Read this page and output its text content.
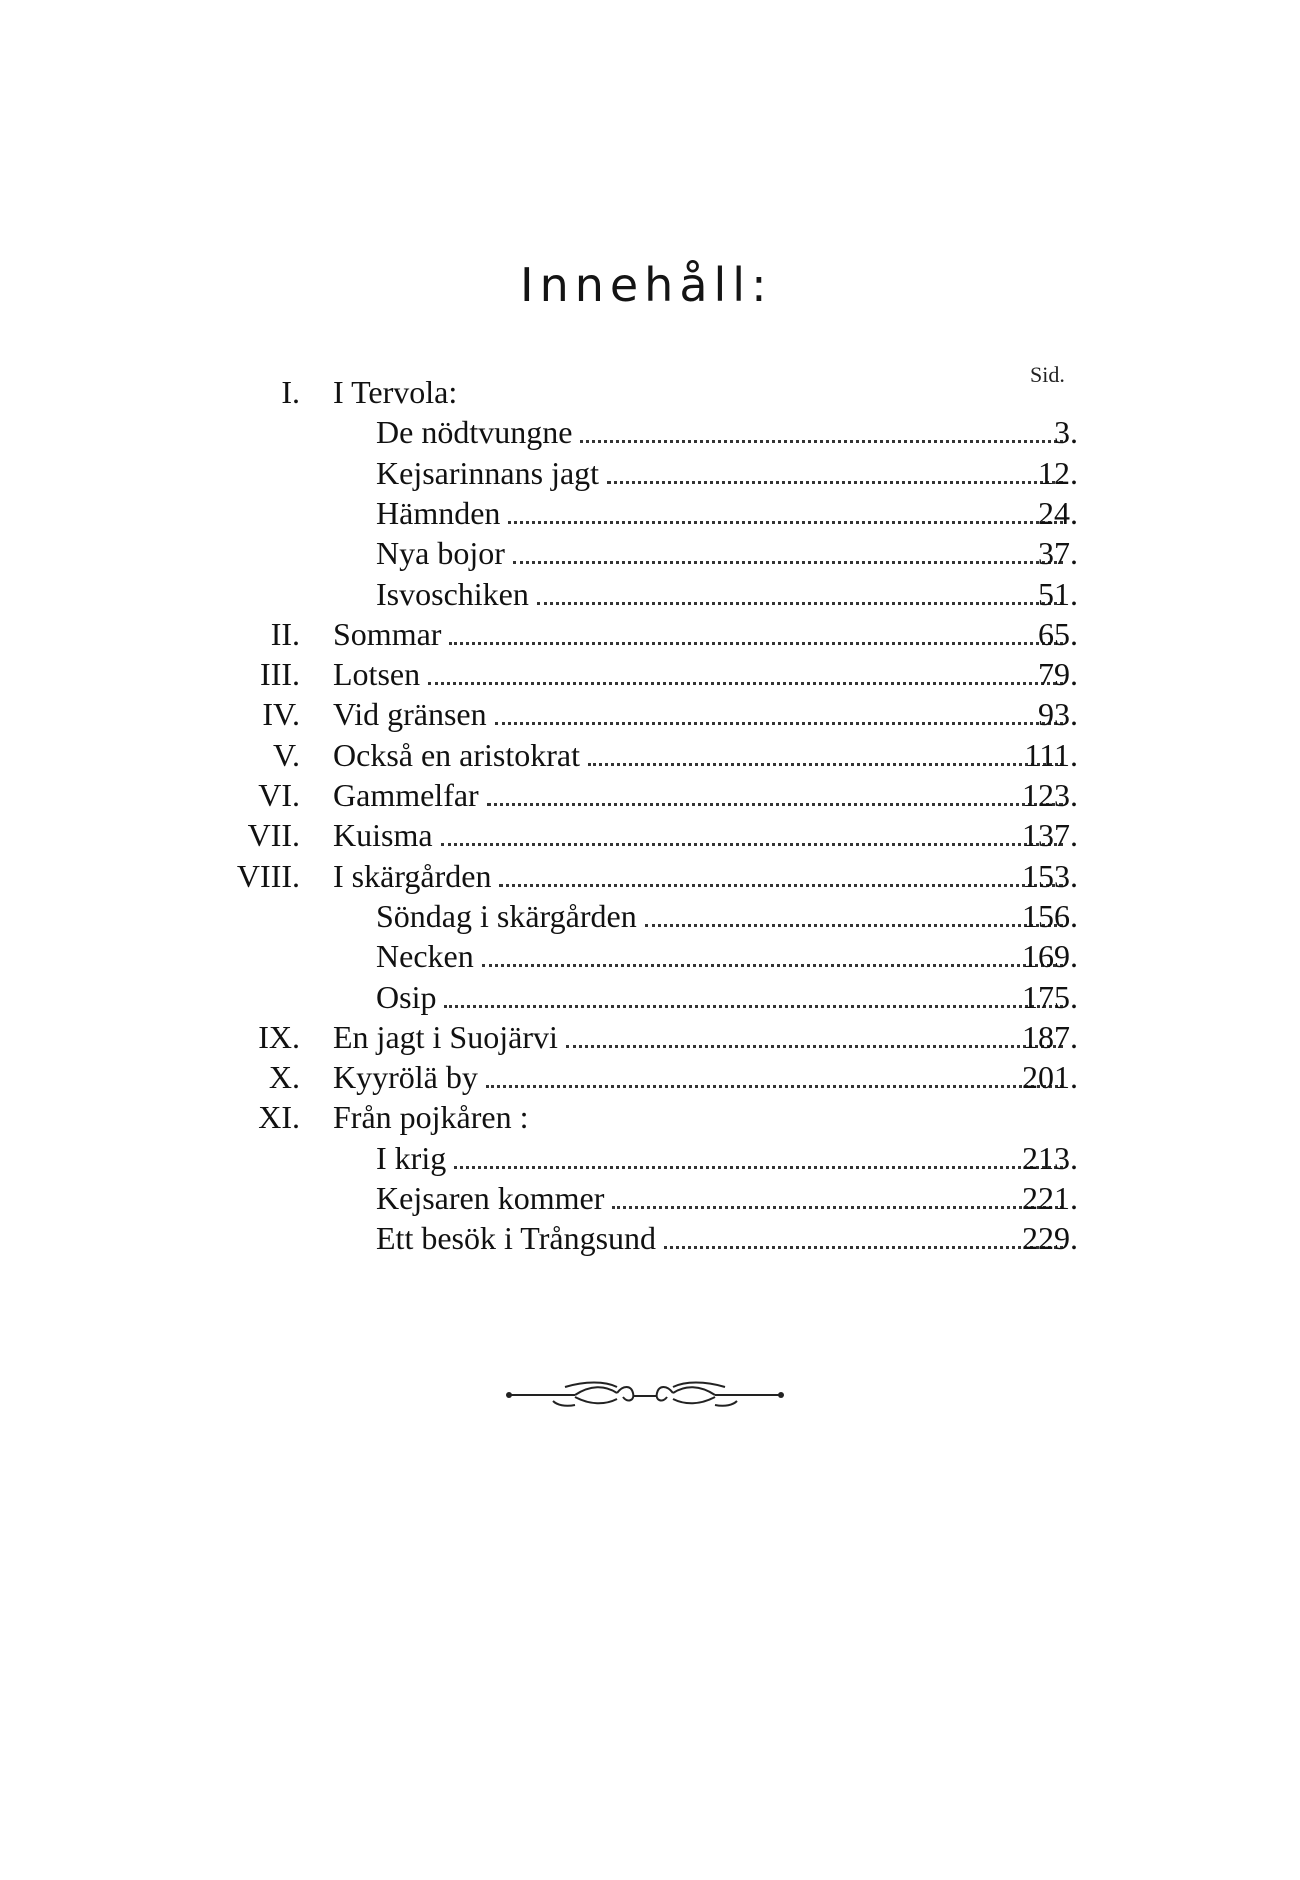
Innehåll:
Sid.
I. I Tervola:
De nödtvungne	3.
Kejsarinnans jagt	12.
Hämnden	24.
Nya bojor	37.
Isvoschiken	51.
II. Sommar	65.
III. Lotsen	79.
IV. Vid gränsen	93.
V. Också en aristokrat	111.
VI. Gammelfar	123.
VII. Kuisma	137.
VIII. I skärgården	153.
Söndag i skärgården	156.
Necken	169.
Osip	175.
IX. En jagt i Suojärvi	187.
X. Kyyrölä by	201.
XI. Från pojkåren :
I krig	213.
Kejsaren kommer	221.
Ett besök i Trångsund	229.
